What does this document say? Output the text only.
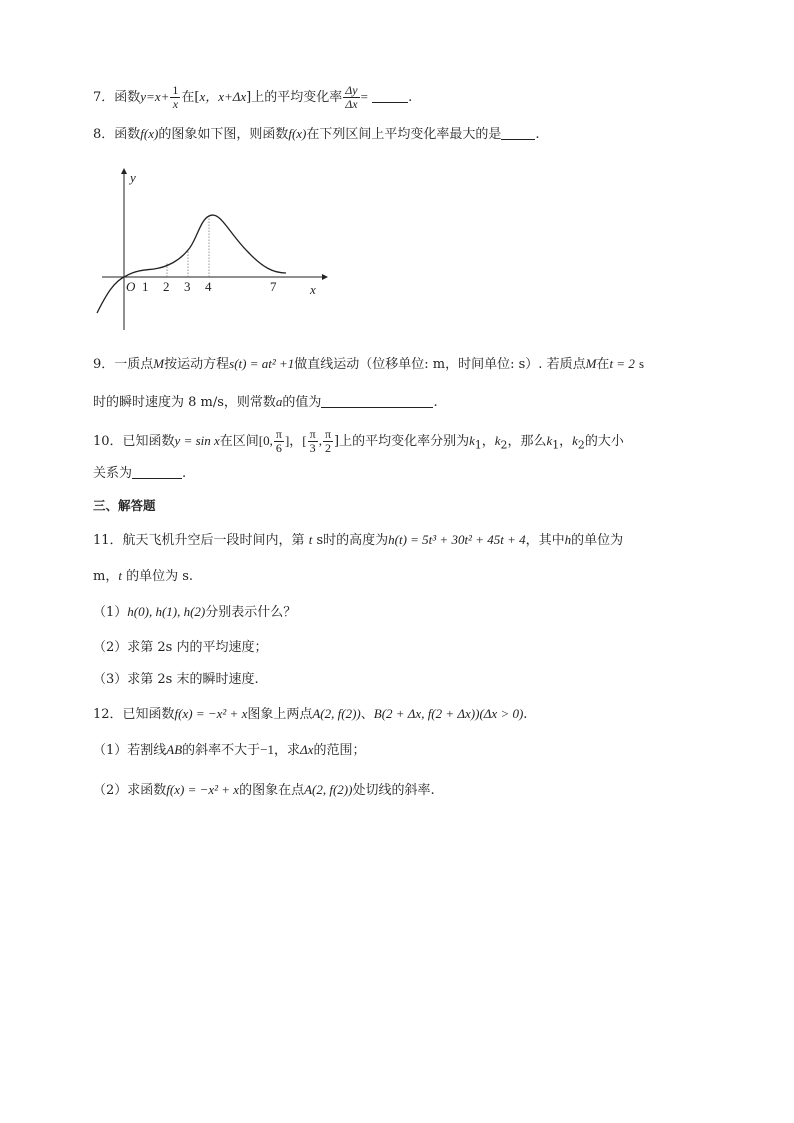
7．函数$y=x+ \frac{1}{x}$ 在[x，x+Δx]上的平均变化率 $\frac{\Delta y}{\Delta x}$ =	.
8．函数f(x)的图象如下图，则函数f(x)在下列区间上平均变化率最大的是	.
y
x
O 1 2 3 4	7
9．一质点M按运动方程s(t) = at² +1做直线运动（位移单位: m，时间单位: s）. 若质点M在t = 2 s
时的瞬时速度为 8 m/s，则常数a的值为	.
10．已知函数y = sin x在区间[0, $\frac{\pi}{6}$ ]，[ $\frac{\pi}{3}$ , $\frac{\pi}{2}$ ]上的平均变化率分别为$k_1$，$k_2$，那么$k_1$，$k_2$的大小
关系为	.
三、解答题
11．航天飞机升空后一段时间内，第 t s时的高度为h(t) = 5t³ + 30t² + 45t + 4，其中h的单位为
m，t 的单位为 s.
（1）h(0), h(1), h(2)分别表示什么？
（2）求第 2s 内的平均速度；
（3）求第 2s 末的瞬时速度.
12．已知函数f(x) = −x² + x图象上两点A(2, f(2))、B(2 + Δx, f(2 + Δx))(Δx > 0).
（1）若割线AB的斜率不大于−1，求Δx的范围；
（2）求函数f(x) = −x² + x的图象在点A(2, f(2))处切线的斜率.
